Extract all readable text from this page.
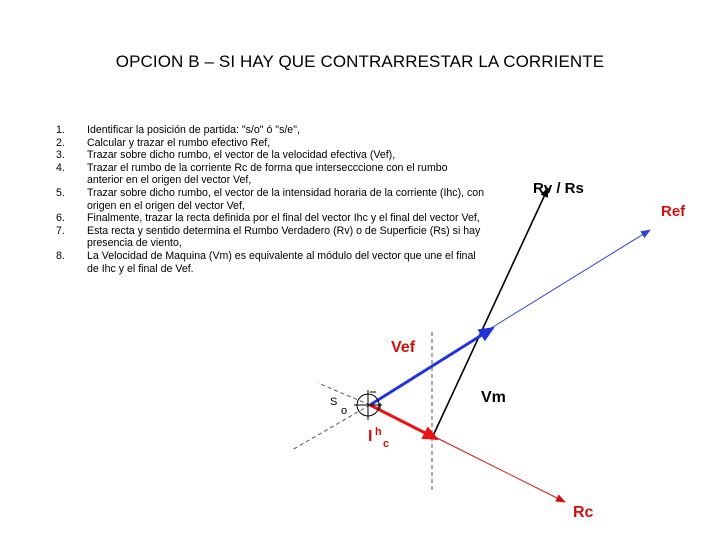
OPCION B – SI HAY QUE CONTRARRESTAR LA CORRIENTE
1.	Identificar la posición de partida: "s/o" ó "s/e",
2.	Calcular y trazar el rumbo efectivo Ref,
3.	Trazar sobre dicho rumbo, el vector de la velocidad efectiva (Vef),
4.	Trazar el rumbo de la corriente Rc de forma que intersecccione con el rumbo anterior en el origen del vector Vef,
5.	Trazar sobre dicho rumbo, el vector de la intensidad horaria de la corriente (Ihc), con origen en el origen del vector Vef,
6.	Finalmente, trazar la recta definida por el final del vector Ihc y el final del vector Vef,
7.	Esta recta y sentido determina el Rumbo Verdadero (Rv) o de Superficie (Rs) si hay presencia de viento,
8.	La Velocidad de Maquina (Vm) es equivalente al módulo del vector que une el final de Ihc y el final de Vef.
Rv / Rs
Ref
Vef
Vm
S
o
I h
c
Rc
